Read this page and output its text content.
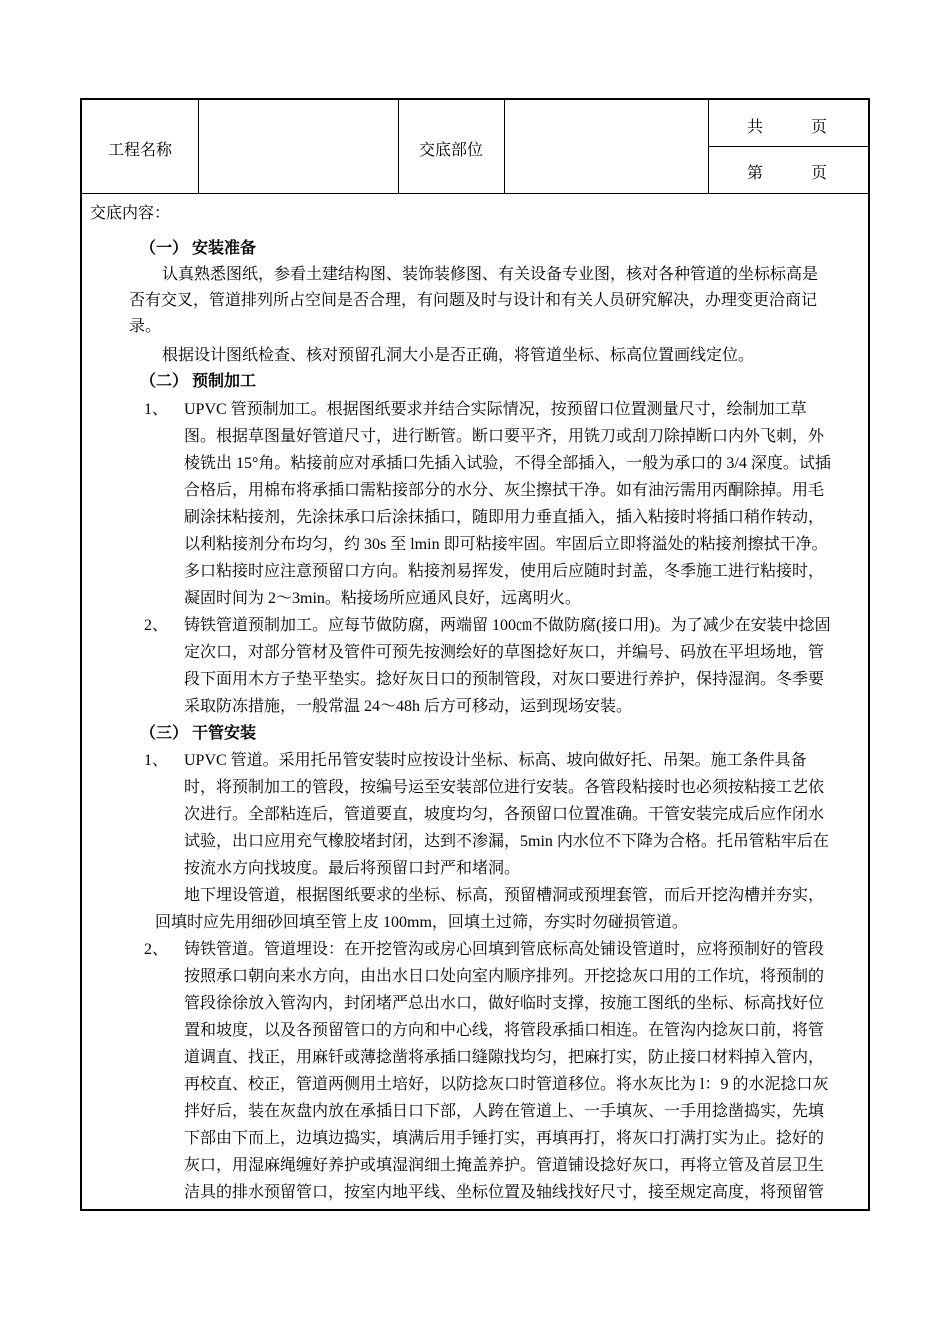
工程名称	交底部位
共　　　页
第　　　页
交底内容：
（一） 安装准备
认真熟悉图纸，参看土建结构图、装饰装修图、有关设备专业图，核对各种管道的坐标标高是
否有交叉，管道排列所占空间是否合理，有问题及时与设计和有关人员研究解决，办理变更洽商记
录。
根据设计图纸检查、核对预留孔洞大小是否正确，将管道坐标、标高位置画线定位。
（二） 预制加工
1、 UPVC 管预制加工。根据图纸要求并结合实际情况，按预留口位置测量尺寸，绘制加工草
图。根据草图量好管道尺寸，进行断管。断口要平齐，用铣刀或刮刀除掉断口内外飞刺，外
棱铣出 15°角。粘接前应对承插口先插入试验，不得全部插入，一般为承口的 3/4 深度。试插
合格后，用棉布将承插口需粘接部分的水分、灰尘擦拭干净。如有油污需用丙酮除掉。用毛
刷涂抹粘接剂，先涂抹承口后涂抹插口，随即用力垂直插入，插入粘接时将插口稍作转动，
以利粘接剂分布均匀，约 30s 至 lmin 即可粘接牢固。牢固后立即将溢处的粘接剂擦拭干净。
多口粘接时应注意预留口方向。粘接剂易挥发，使用后应随时封盖，冬季施工进行粘接时，
凝固时间为 2～3min。粘接场所应通风良好，远离明火。
2、 铸铁管道预制加工。应每节做防腐，两端留 100㎝不做防腐(接口用)。为了减少在安装中捻固
定次口，对部分管材及管件可预先按测绘好的草图捻好灰口，并编号、码放在平坦场地，管
段下面用木方子垫平垫实。捻好灰日口的预制管段，对灰口要进行养护，保持湿润。冬季要
采取防冻措施，一般常温 24～48h 后方可移动，运到现场安装。
（三） 干管安装
1、 UPVC 管道。采用托吊管安装时应按设计坐标、标高、坡向做好托、吊架。施工条件具备
时，将预制加工的管段，按编号运至安装部位进行安装。各管段粘接时也必须按粘接工艺依
次进行。全部粘连后，管道要直，坡度均匀，各预留口位置准确。干管安装完成后应作闭水
试验，出口应用充气橡胶堵封闭，达到不渗漏，5min 内水位不下降为合格。托吊管粘牢后在
按流水方向找坡度。最后将预留口封严和堵洞。
地下埋设管道，根据图纸要求的坐标、标高，预留槽洞或预埋套管，而后开挖沟槽并夯实，
回填时应先用细砂回填至管上皮 100mm，回填土过筛，夯实时勿碰损管道。
2、 铸铁管道。管道埋设：在开挖管沟或房心回填到管底标高处铺设管道时，应将预制好的管段
按照承口朝向来水方向，由出水日口处向室内顺序排列。开挖捻灰口用的工作坑，将预制的
管段徐徐放入管沟内，封闭堵严总出水口，做好临时支撑，按施工图纸的坐标、标高找好位
置和坡度，以及各预留管口的方向和中心线，将管段承插口相连。在管沟内捻灰口前，将管
道调直、找正，用麻钎或薄捻凿将承插口缝隙找均匀，把麻打实，防止接口材料掉入管内，
再校直、校正，管道两侧用土培好，以防捻灰口时管道移位。将水灰比为 l：9 的水泥捻口灰
拌好后，装在灰盘内放在承插日口下部，人跨在管道上、一手填灰、一手用捻凿捣实，先填
下部由下而上，边填边捣实，填满后用手锤打实，再填再打，将灰口打满打实为止。捻好的
灰口，用湿麻绳缠好养护或填湿润细土掩盖养护。管道铺设捻好灰口，再将立管及首层卫生
洁具的排水预留管口，按室内地平线、坐标位置及轴线找好尺寸，接至规定高度，将预留管
